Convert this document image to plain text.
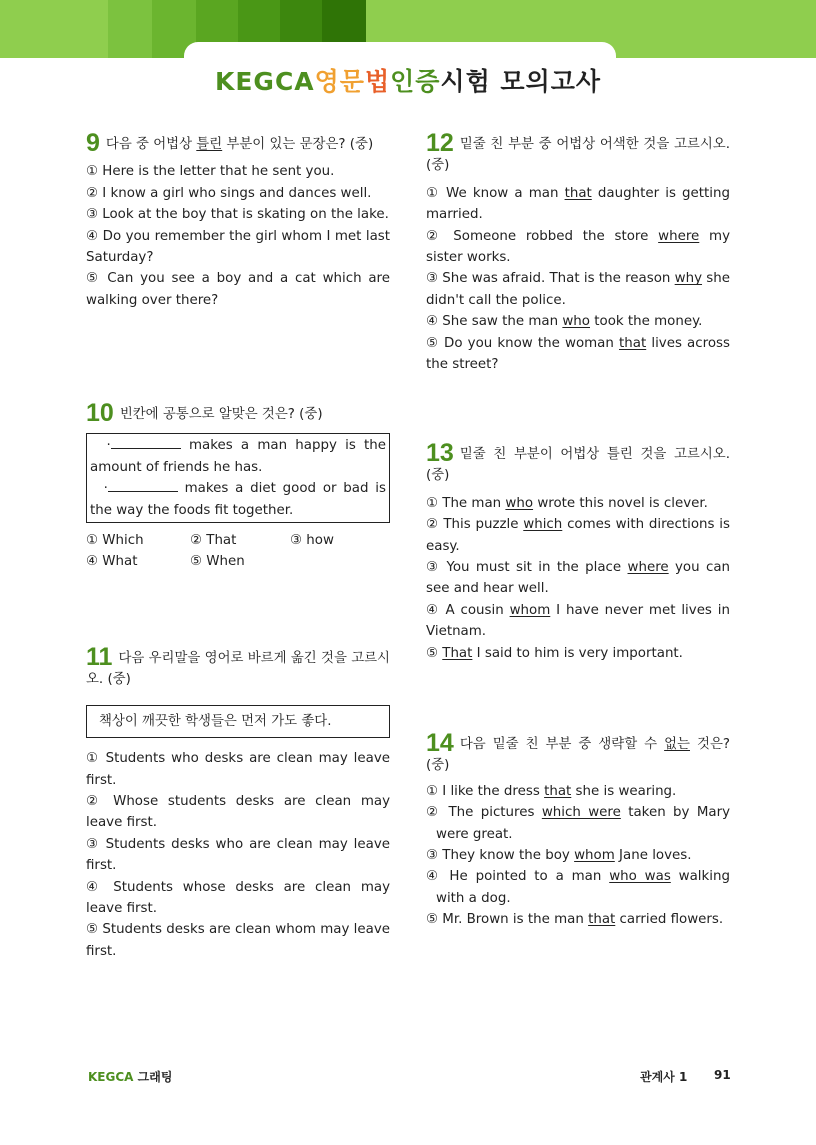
KEGCA영문법인증시험 모의고사
9 다음 중 어법상 틀린 부분이 있는 문장은? (중)
① Here is the letter that he sent you.
② I know a girl who sings and dances well.
③ Look at the boy that is skating on the lake.
④ Do you remember the girl whom I met last Saturday?
⑤ Can you see a boy and a cat which are walking over there?
10 빈칸에 공통으로 알맞은 것은? (중)
·	makes a man happy is the amount of friends he has.
·	makes a diet good or bad is the way the foods fit together.
① Which	② That	③ how
④ What	⑤ When
11 다음 우리말을 영어로 바르게 옮긴 것을 고르시오. (중)
책상이 깨끗한 학생들은 먼저 가도 좋다.
① Students who desks are clean may leave first.
② Whose students desks are clean may leave first.
③ Students desks who are clean may leave first.
④ Students whose desks are clean may leave first.
⑤ Students desks are clean whom may leave first.
12 밑줄 친 부분 중 어법상 어색한 것을 고르시오. (중)
① We know a man that daughter is getting married.
② Someone robbed the store where my sister works.
③ She was afraid. That is the reason why she didn't call the police.
④ She saw the man who took the money.
⑤ Do you know the woman that lives across the street?
13 밑줄 친 부분이 어법상 틀린 것을 고르시오. (중)
① The man who wrote this novel is clever.
② This puzzle which comes with directions is easy.
③ You must sit in the place where you can see and hear well.
④ A cousin whom I have never met lives in Vietnam.
⑤ That I said to him is very important.
14 다음 밑줄 친 부분 중 생략할 수 없는 것은? (중)
① I like the dress that she is wearing.
② The pictures which were taken by Mary were great.
③ They know the boy whom Jane loves.
④ He pointed to a man who was walking with a dog.
⑤ Mr. Brown is the man that carried flowers.
KEGCA 그래팅	관계사 1 91
